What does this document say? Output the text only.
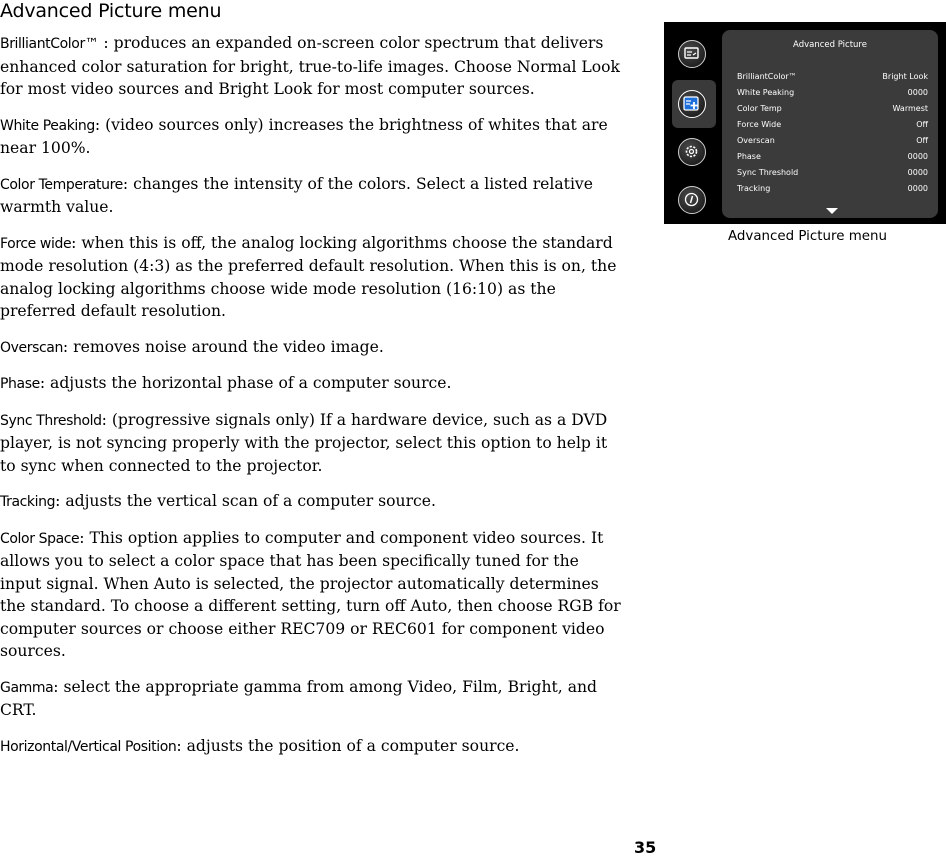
Advanced Picture menu

BrilliantColor™ : produces an expanded on-screen color spectrum that delivers enhanced color saturation for bright, true-to-life images. Choose Normal Look for most video sources and Bright Look for most computer sources.

White Peaking: (video sources only) increases the brightness of whites that are near 100%.

Color Temperature: changes the intensity of the colors. Select a listed relative warmth value.

Force wide: when this is off, the analog locking algorithms choose the standard mode resolution (4:3) as the preferred default resolution. When this is on, the analog locking algorithms choose wide mode resolution (16:10) as the preferred default resolution.

Overscan: removes noise around the video image.

Phase: adjusts the horizontal phase of a computer source.

Sync Threshold: (progressive signals only) If a hardware device, such as a DVD player, is not syncing properly with the projector, select this option to help it to sync when connected to the projector.

Tracking: adjusts the vertical scan of a computer source.

Color Space: This option applies to computer and component video sources. It allows you to select a color space that has been specifically tuned for the input signal. When Auto is selected, the projector automatically determines the standard. To choose a different setting, turn off Auto, then choose RGB for computer sources or choose either REC709 or REC601 for component video sources.

Gamma: select the appropriate gamma from among Video, Film, Bright, and CRT.

Horizontal/Vertical Position: adjusts the position of a computer source.

Advanced Picture
BrilliantColor™	Bright Look
White Peaking	0000
Color Temp	Warmest
Force Wide	Off
Overscan	Off
Phase	0000
Sync Threshold	0000
Tracking	0000
Advanced Picture menu
35
